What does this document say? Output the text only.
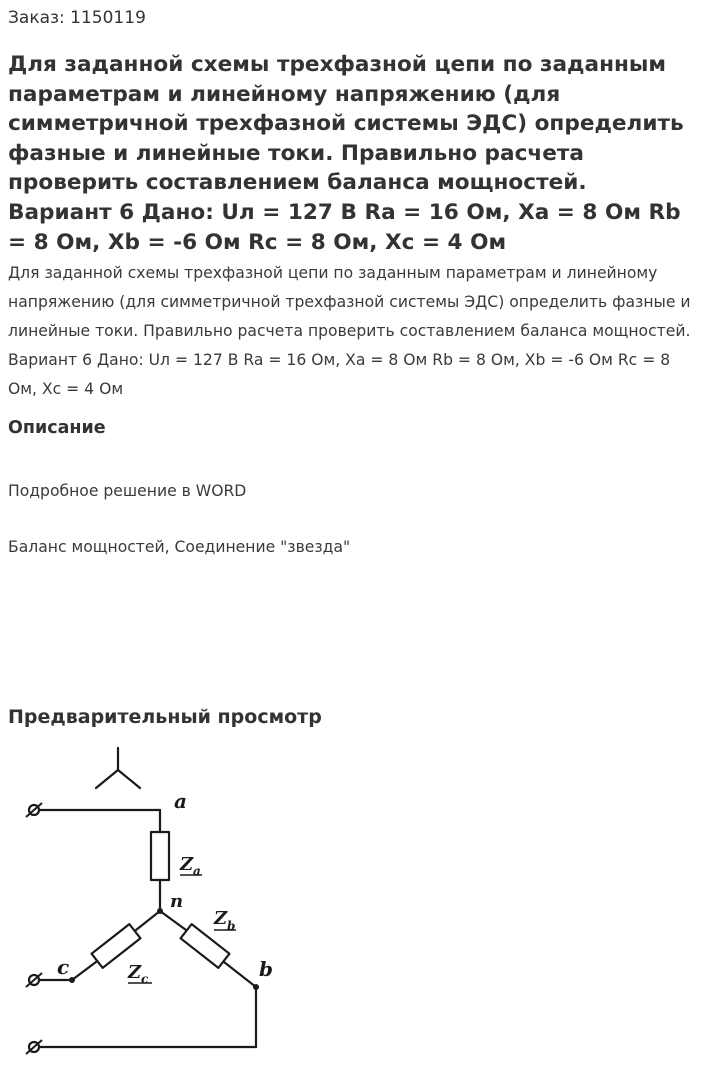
Заказ: 1150119
Для заданной схемы трехфазной цепи по заданным параметрам и линейному напряжению (для симметричной трехфазной системы ЭДС) определить фазные и линейные токи. Правильно расчета проверить составлением баланса мощностей. Вариант 6 Дано: Uл = 127 В Ra = 16 Ом, Xa = 8 Ом Rb = 8 Ом, Xb = -6 Ом Rc = 8 Ом, Xc = 4 Ом

Для заданной схемы трехфазной цепи по заданным параметрам и линейному напряжению (для симметричной трехфазной системы ЭДС) определить фазные и линейные токи. Правильно расчета проверить составлением баланса мощностей. Вариант 6 Дано: Uл = 127 В Ra = 16 Ом, Xa = 8 Ом Rb = 8 Ом, Xb = -6 Ом Rc = 8 Ом, Xc = 4 Ом

Описание

Подробное решение в WORD

Баланс мощностей, Соединение "звезда"

Предварительный просмотр
a
n
b
c
Z a
Z b
Z c
